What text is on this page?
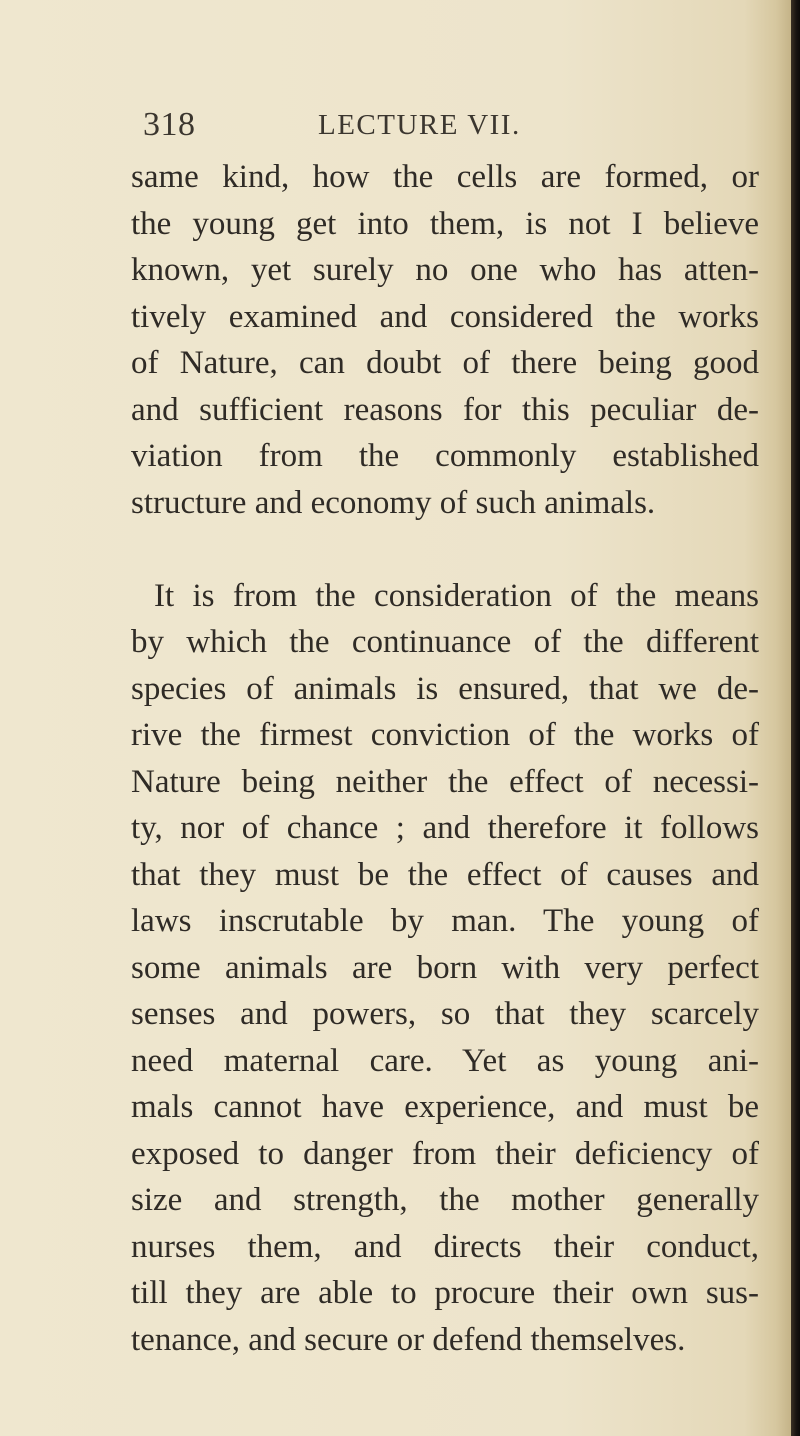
318	LECTURE VII.
same kind, how the cells are formed, or
the young get into them, is not I believe
known, yet surely no one who has atten-
tively examined and considered the works
of Nature, can doubt of there being good
and sufficient reasons for this peculiar de-
viation from the commonly established
structure and economy of such animals.
It is from the consideration of the means
by which the continuance of the different
species of animals is ensured, that we de-
rive the firmest conviction of the works of
Nature being neither the effect of necessi-
ty, nor of chance ; and therefore it follows
that they must be the effect of causes and
laws inscrutable by man. The young of
some animals are born with very perfect
senses and powers, so that they scarcely
need maternal care. Yet as young ani-
mals cannot have experience, and must be
exposed to danger from their deficiency of
size and strength, the mother generally
nurses them, and directs their conduct,
till they are able to procure their own sus-
tenance, and secure or defend themselves.
